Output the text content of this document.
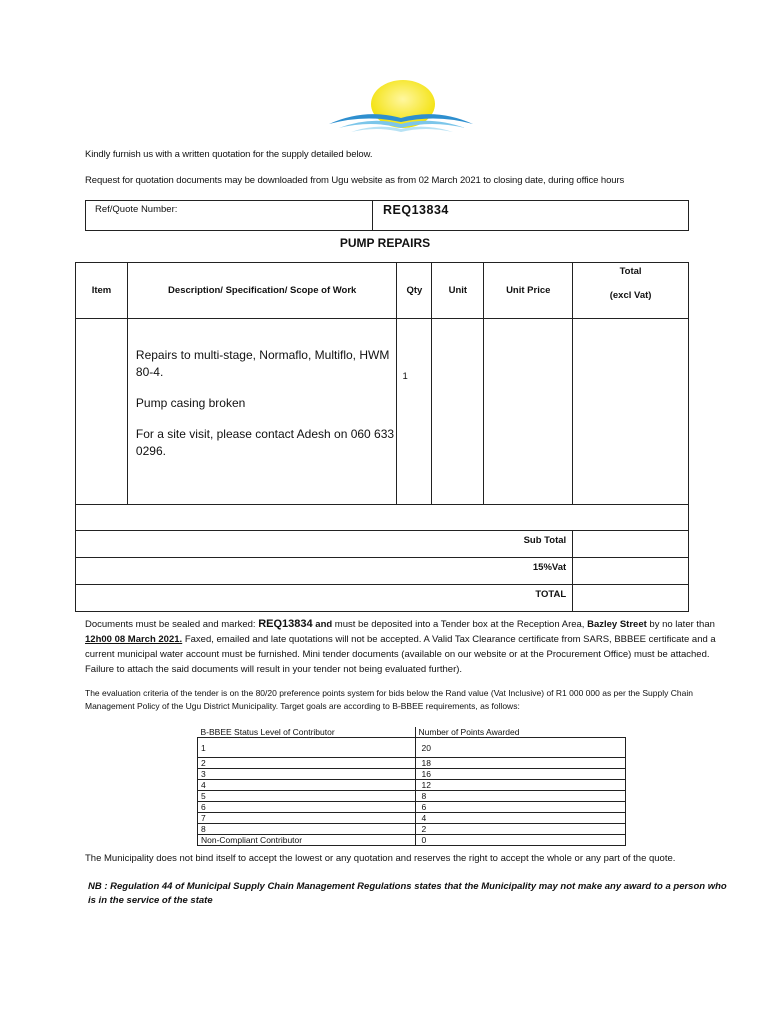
Kindly furnish us with a written quotation for the supply detailed below.
Request for quotation documents may be downloaded from Ugu website as from 02 March 2021 to closing date, during office hours
Ref/Quote Number:	REQ13834
PUMP REPAIRS
Item	Description/ Specification/ Scope of Work	Qty	Unit	Unit Price	Total
(excl Vat)

	Repairs to multi-stage, Normaflo, Multiflo, HWM 80-4.

Pump casing broken

For a site visit, please contact Adesh on 060 633 0296.	1			

Sub Total					
15%Vat					
TOTAL					
Documents must be sealed and marked: REQ13834 and must be deposited into a Tender box at the Reception Area, Bazley Street by no later than 12h00 08 March 2021. Faxed, emailed and late quotations will not be accepted. A Valid Tax Clearance certificate from SARS, BBBEE certificate and a current municipal water account must be furnished. Mini tender documents (available on our website or at the Procurement Office) must be attached. Failure to attach the said documents will result in your tender not being evaluated further).
The evaluation criteria of the tender is on the 80/20 preference points system for bids below the Rand value (Vat Inclusive) of R1 000 000 as per the Supply Chain Management Policy of the Ugu District Municipality. Target goals are according to B-BBEE requirements, as follows:
B-BBEE Status Level of Contributor	Number of Points Awarded
1	20
2	18
3	16
4	12
5	8
6	6
7	4
8	2
Non-Compliant Contributor	0
The Municipality does not bind itself to accept the lowest or any quotation and reserves the right to accept the whole or any part of the quote.
NB : Regulation 44 of Municipal Supply Chain Management Regulations states that the Municipality may not make any award to a person who is in the service of the state
